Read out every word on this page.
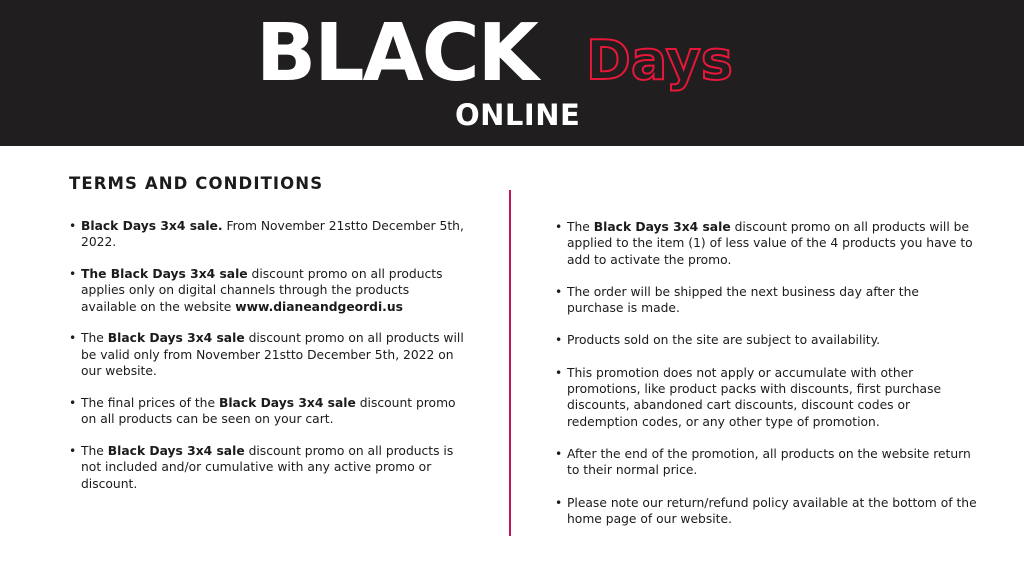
BLACK Days
ONLINE
TERMS AND CONDITIONS
• Black Days 3x4 sale. From November 21stto December 5th, 2022.
• The Black Days 3x4 sale discount promo on all products applies only on digital channels through the products available on the website www.dianeandgeordi.us
• The Black Days 3x4 sale discount promo on all products will be valid only from November 21stto December 5th, 2022 on our website.
• The final prices of the Black Days 3x4 sale discount promo on all products can be seen on your cart.
• The Black Days 3x4 sale discount promo on all products is not included and/or cumulative with any active promo or discount.
• The Black Days 3x4 sale discount promo on all products will be applied to the item (1) of less value of the 4 products you have to add to activate the promo.
• The order will be shipped the next business day after the purchase is made.
• Products sold on the site are subject to availability.
• This promotion does not apply or accumulate with other promotions, like product packs with discounts, first purchase discounts, abandoned cart discounts, discount codes or redemption codes, or any other type of promotion.
• After the end of the promotion, all products on the website return to their normal price.
• Please note our return/refund policy available at the bottom of the home page of our website.
